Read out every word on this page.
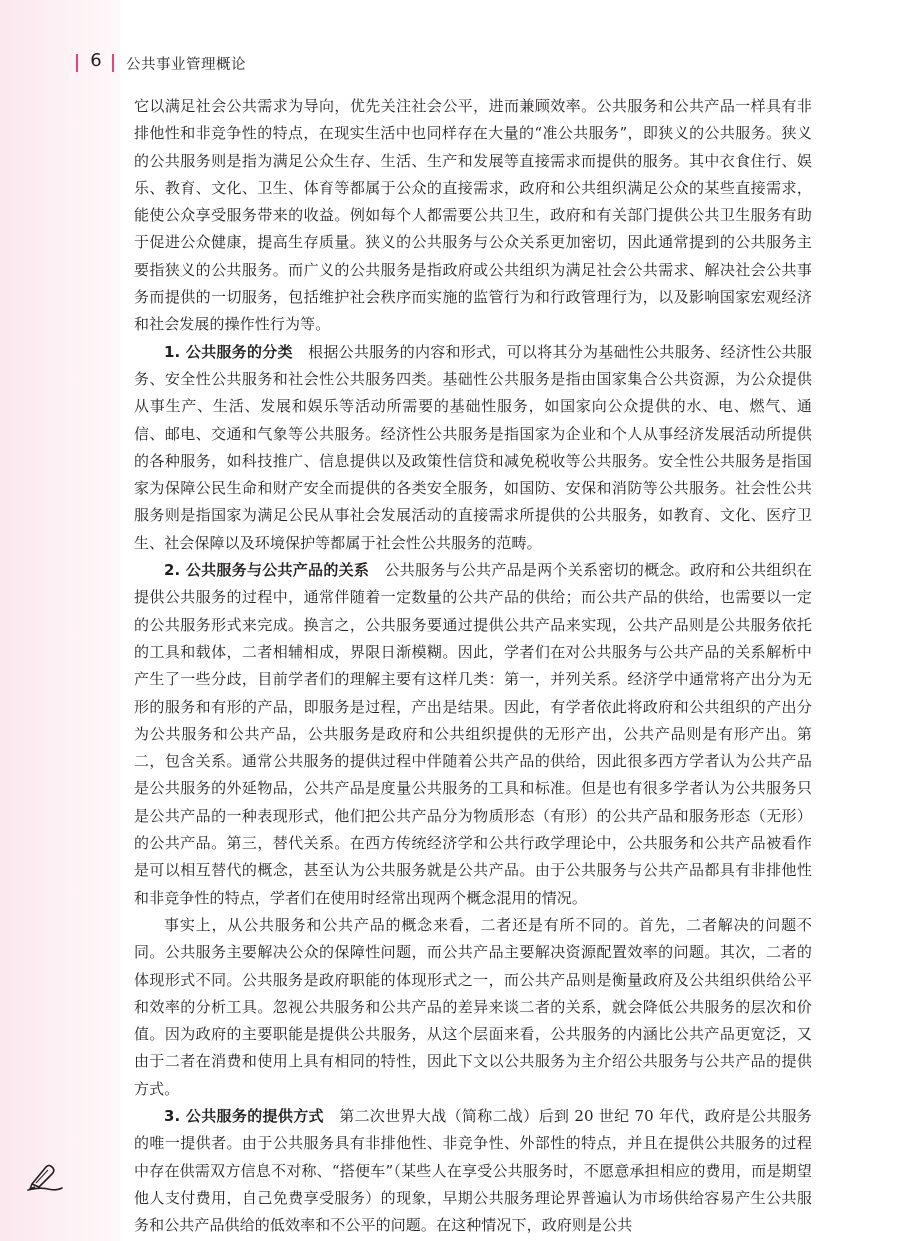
6	公共事业管理概论

它以满足社会公共需求为导向，优先关注社会公平，进而兼顾效率。公共服务和公共产品一样具有非排他性和非竞争性的特点，在现实生活中也同样存在大量的“准公共服务”，即狭义的公共服务。狭义的公共服务则是指为满足公众生存、生活、生产和发展等直接需求而提供的服务。其中衣食住行、娱乐、教育、文化、卫生、体育等都属于公众的直接需求，政府和公共组织满足公众的某些直接需求，能使公众享受服务带来的收益。例如每个人都需要公共卫生，政府和有关部门提供公共卫生服务有助于促进公众健康，提高生存质量。狭义的公共服务与公众关系更加密切，因此通常提到的公共服务主要指狭义的公共服务。而广义的公共服务是指政府或公共组织为满足社会公共需求、解决社会公共事务而提供的一切服务，包括维护社会秩序而实施的监管行为和行政管理行为，以及影响国家宏观经济和社会发展的操作性行为等。

1. 公共服务的分类　 根据公共服务的内容和形式，可以将其分为基础性公共服务、经济性公共服务、安全性公共服务和社会性公共服务四类。基础性公共服务是指由国家集合公共资源，为公众提供从事生产、生活、发展和娱乐等活动所需要的基础性服务，如国家向公众提供的水、电、燃气、通信、邮电、交通和气象等公共服务。经济性公共服务是指国家为企业和个人从事经济发展活动所提供的各种服务，如科技推广、信息提供以及政策性信贷和减免税收等公共服务。安全性公共服务是指国家为保障公民生命和财产安全而提供的各类安全服务，如国防、安保和消防等公共服务。社会性公共服务则是指国家为满足公民从事社会发展活动的直接需求所提供的公共服务，如教育、文化、医疗卫生、社会保障以及环境保护等都属于社会性公共服务的范畴。

2. 公共服务与公共产品的关系　 公共服务与公共产品是两个关系密切的概念。政府和公共组织在提供公共服务的过程中，通常伴随着一定数量的公共产品的供给；而公共产品的供给，也需要以一定的公共服务形式来完成。换言之，公共服务要通过提供公共产品来实现，公共产品则是公共服务依托的工具和载体，二者相辅相成，界限日渐模糊。因此，学者们在对公共服务与公共产品的关系解析中产生了一些分歧，目前学者们的理解主要有这样几类：第一，并列关系。经济学中通常将产出分为无形的服务和有形的产品，即服务是过程，产出是结果。因此，有学者依此将政府和公共组织的产出分为公共服务和公共产品，公共服务是政府和公共组织提供的无形产出，公共产品则是有形产出。第二，包含关系。通常公共服务的提供过程中伴随着公共产品的供给，因此很多西方学者认为公共产品是公共服务的外延物品，公共产品是度量公共服务的工具和标准。但是也有很多学者认为公共服务只是公共产品的一种表现形式，他们把公共产品分为物质形态（有形）的公共产品和服务形态（无形）的公共产品。第三，替代关系。在西方传统经济学和公共行政学理论中，公共服务和公共产品被看作是可以相互替代的概念，甚至认为公共服务就是公共产品。由于公共服务与公共产品都具有非排他性和非竞争性的特点，学者们在使用时经常出现两个概念混用的情况。

事实上，从公共服务和公共产品的概念来看，二者还是有所不同的。首先，二者解决的问题不同。公共服务主要解决公众的保障性问题，而公共产品主要解决资源配置效率的问题。其次，二者的体现形式不同。公共服务是政府职能的体现形式之一，而公共产品则是衡量政府及公共组织供给公平和效率的分析工具。忽视公共服务和公共产品的差异来谈二者的关系，就会降低公共服务的层次和价值。因为政府的主要职能是提供公共服务，从这个层面来看，公共服务的内涵比公共产品更宽泛，又由于二者在消费和使用上具有相同的特性，因此下文以公共服务为主介绍公共服务与公共产品的提供方式。

3. 公共服务的提供方式　 第二次世界大战（简称二战）后到 20 世纪 70 年代，政府是公共服务的唯一提供者。由于公共服务具有非排他性、非竞争性、外部性的特点，并且在提供公共服务的过程中存在供需双方信息不对称、“搭便车”（某些人在享受公共服务时，不愿意承担相应的费用，而是期望他人支付费用，自己免费享受服务）的现象，早期公共服务理论界普遍认为市场供给容易产生公共服务和公共产品供给的低效率和不公平的问题。在这种情况下，政府则是公共
